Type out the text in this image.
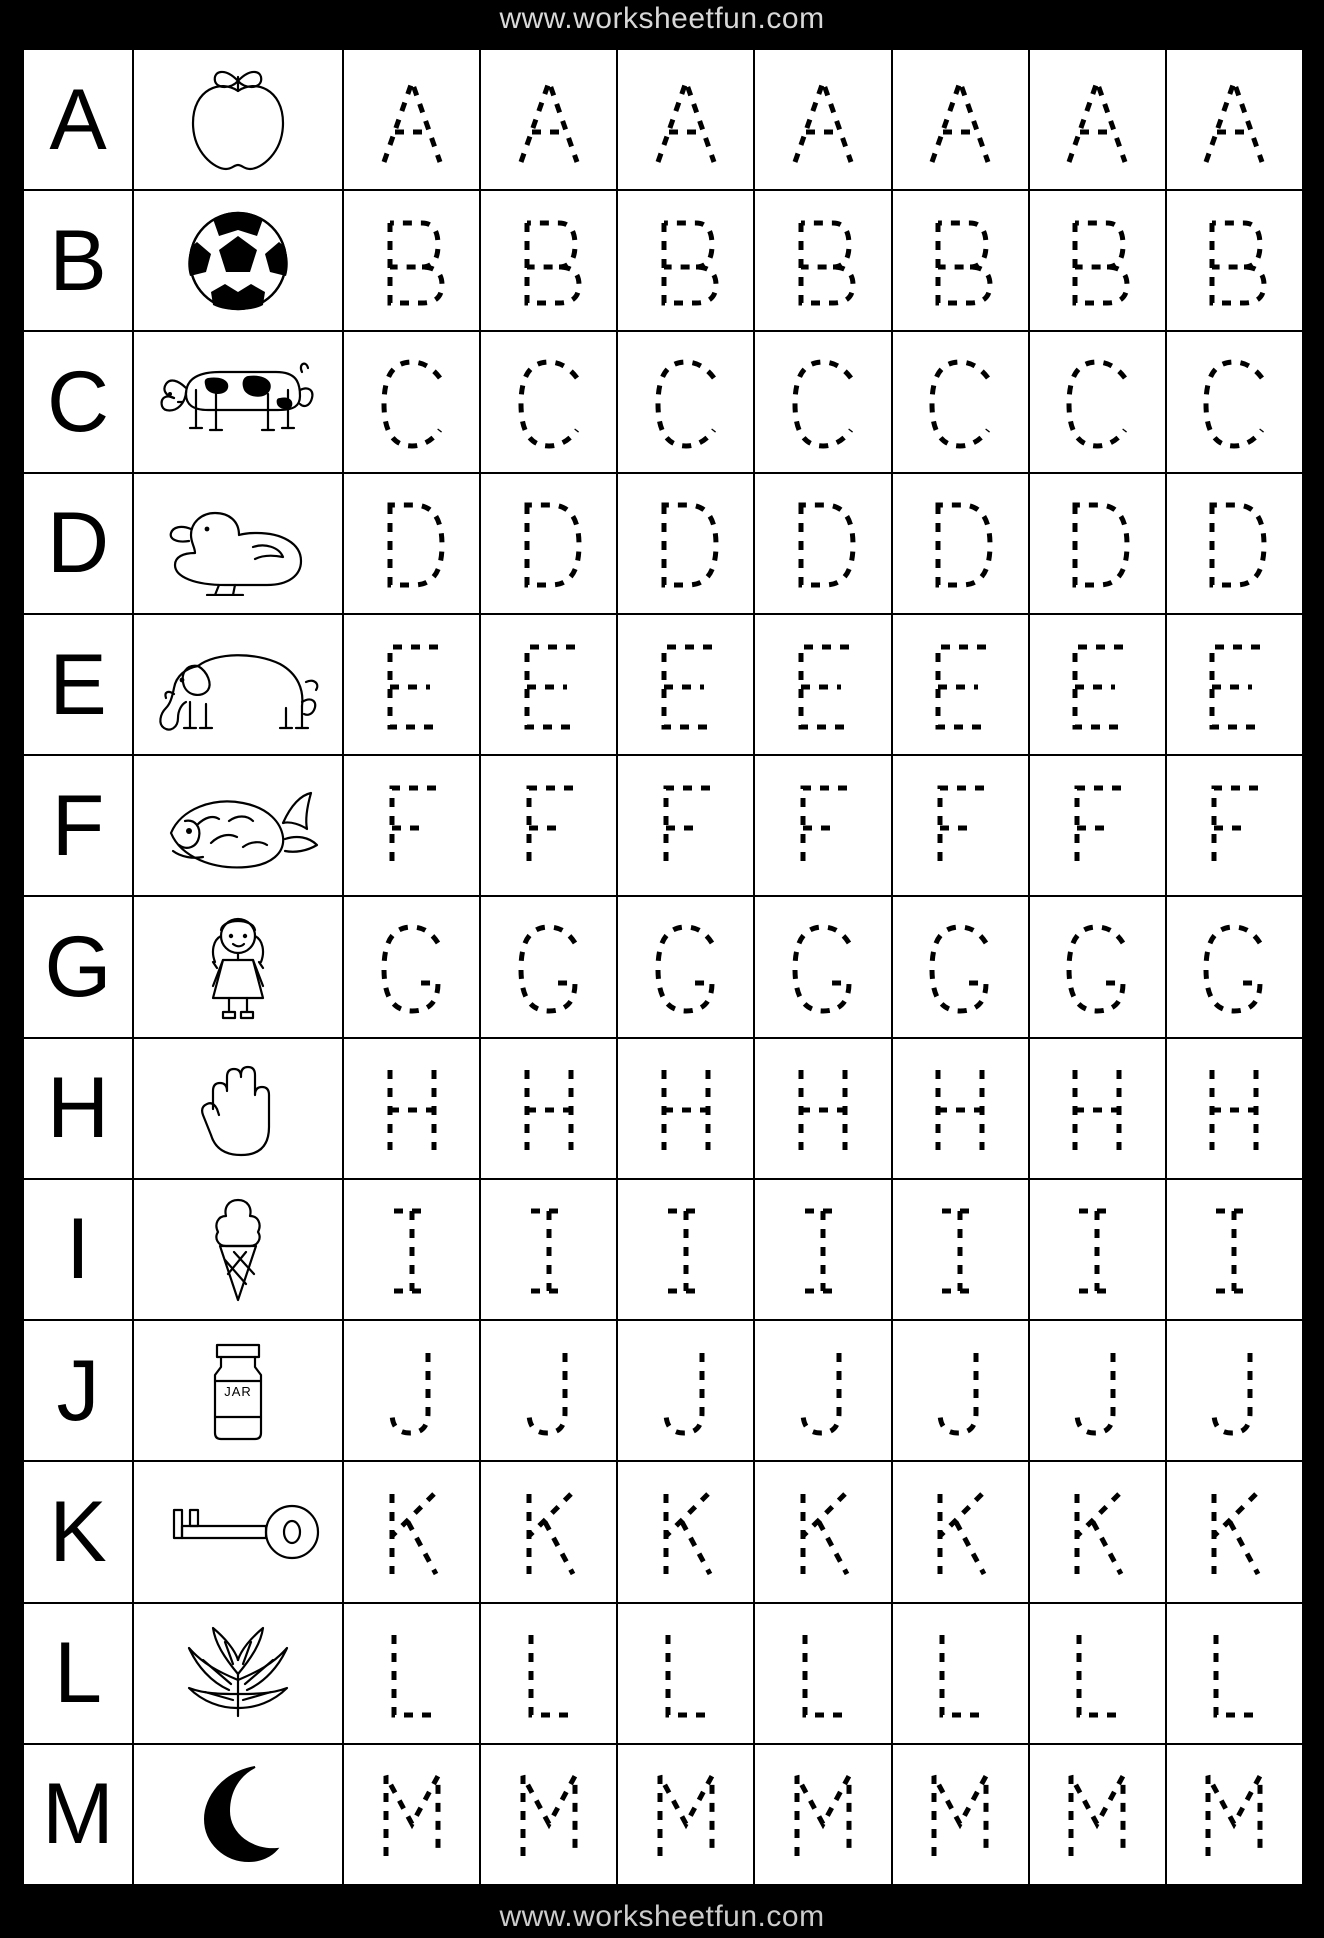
www.worksheetfun.com
www.worksheetfun.com
A
B
C
D
E
F
G
H
I
J	JAR
K
L
M
